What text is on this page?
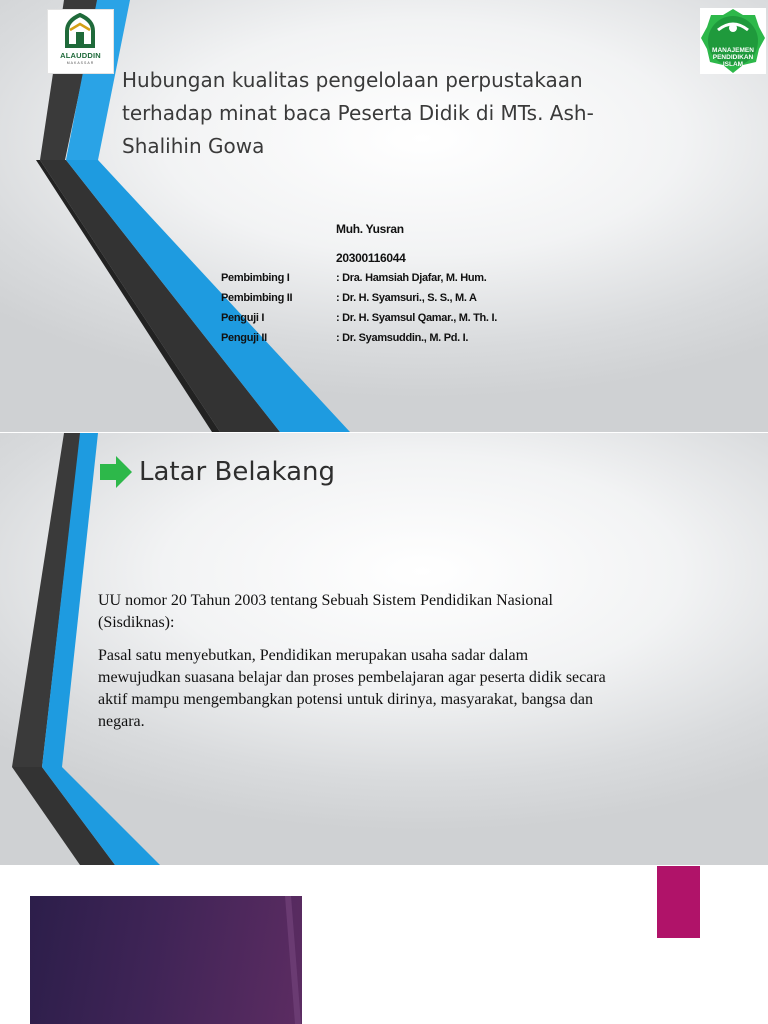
ALAUDDIN
MAKASSAR
MANAJEMEN
PENDIDIKAN
ISLAM
Hubungan kualitas pengelolaan perpustakaan
terhadap minat baca Peserta Didik di MTs. Ash-
Shalihin Gowa
Muh. Yusran
20300116044
Pembimbing I	: Dra. Hamsiah Djafar, M. Hum.
Pembimbing II	: Dr. H. Syamsuri., S. S., M. A
Penguji I	: Dr. H. Syamsul Qamar., M. Th. I.
Penguji II	: Dr. Syamsuddin., M. Pd. I.
Latar Belakang
UU nomor 20 Tahun 2003 tentang Sebuah Sistem Pendidikan Nasional
(Sisdiknas):
Pasal satu menyebutkan, Pendidikan merupakan usaha sadar dalam
mewujudkan suasana belajar dan proses pembelajaran agar peserta didik secara
aktif mampu mengembangkan potensi untuk dirinya, masyarakat, bangsa dan
negara.
